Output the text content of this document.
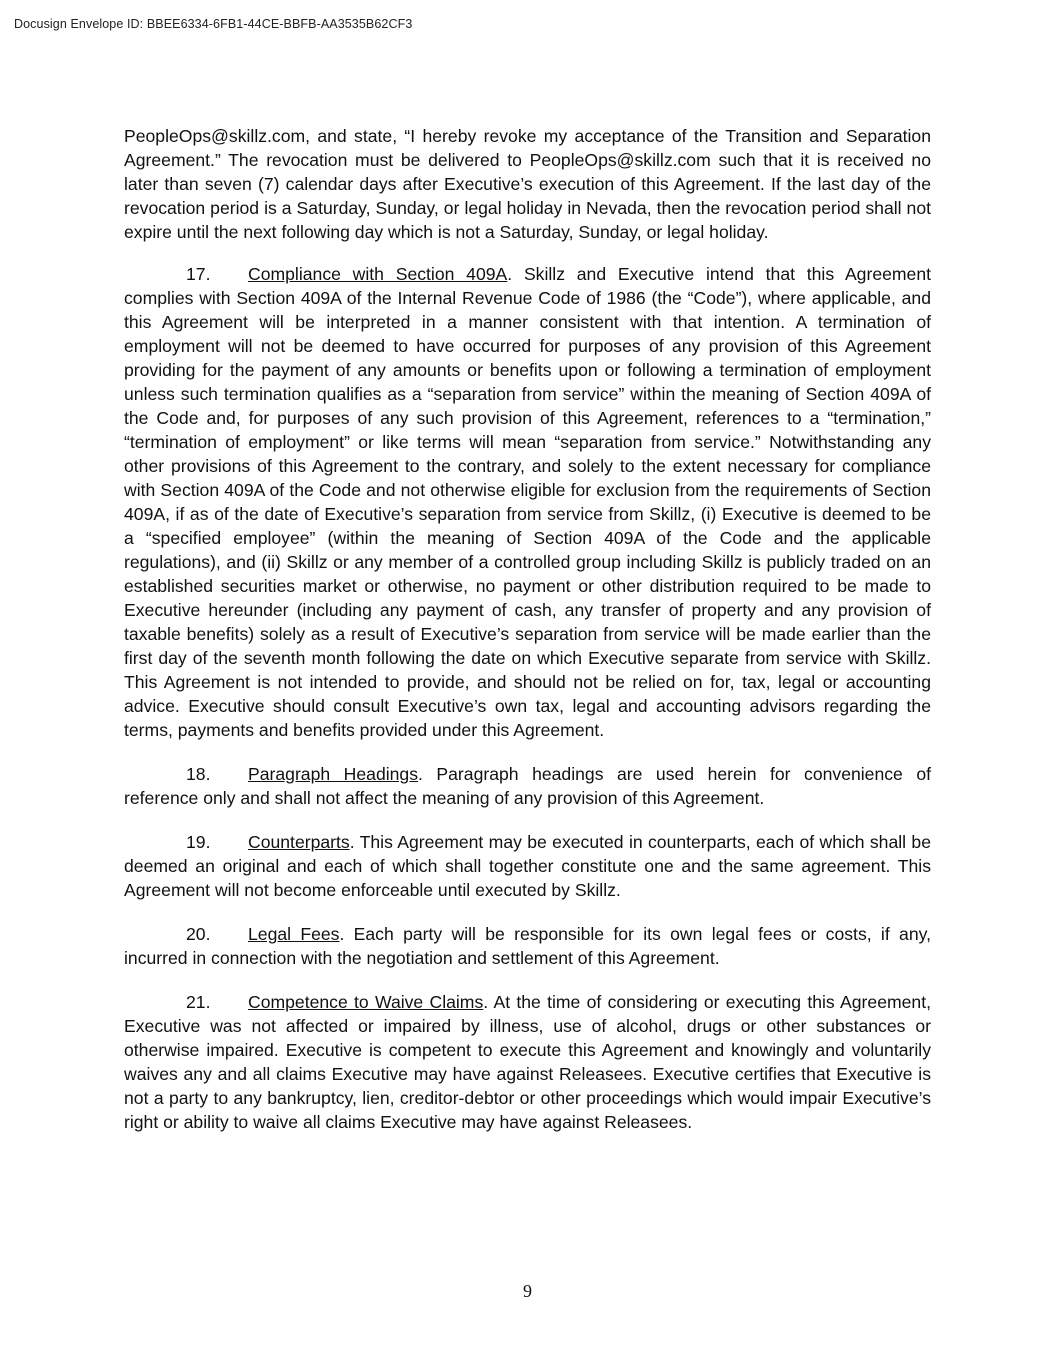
Docusign Envelope ID: BBEE6334-6FB1-44CE-BBFB-AA3535B62CF3

PeopleOps@skillz.com, and state, “I hereby revoke my acceptance of the Transition and Separation Agreement.” The revocation must be delivered to PeopleOps@skillz.com such that it is received no later than seven (7) calendar days after Executive’s execution of this Agreement. If the last day of the revocation period is a Saturday, Sunday, or legal holiday in Nevada, then the revocation period shall not expire until the next following day which is not a Saturday, Sunday, or legal holiday.

17. Compliance with Section 409A. Skillz and Executive intend that this Agreement complies with Section 409A of the Internal Revenue Code of 1986 (the “Code”), where applicable, and this Agreement will be interpreted in a manner consistent with that intention. A termination of employment will not be deemed to have occurred for purposes of any provision of this Agreement providing for the payment of any amounts or benefits upon or following a termination of employment unless such termination qualifies as a “separation from service” within the meaning of Section 409A of the Code and, for purposes of any such provision of this Agreement, references to a “termination,” “termination of employment” or like terms will mean “separation from service.” Notwithstanding any other provisions of this Agreement to the contrary, and solely to the extent necessary for compliance with Section 409A of the Code and not otherwise eligible for exclusion from the requirements of Section 409A, if as of the date of Executive’s separation from service from Skillz, (i) Executive is deemed to be a “specified employee” (within the meaning of Section 409A of the Code and the applicable regulations), and (ii) Skillz or any member of a controlled group including Skillz is publicly traded on an established securities market or otherwise, no payment or other distribution required to be made to Executive hereunder (including any payment of cash, any transfer of property and any provision of taxable benefits) solely as a result of Executive’s separation from service will be made earlier than the first day of the seventh month following the date on which Executive separate from service with Skillz. This Agreement is not intended to provide, and should not be relied on for, tax, legal or accounting advice. Executive should consult Executive’s own tax, legal and accounting advisors regarding the terms, payments and benefits provided under this Agreement.

18. Paragraph Headings. Paragraph headings are used herein for convenience of reference only and shall not affect the meaning of any provision of this Agreement.

19. Counterparts. This Agreement may be executed in counterparts, each of which shall be deemed an original and each of which shall together constitute one and the same agreement. This Agreement will not become enforceable until executed by Skillz.

20. Legal Fees. Each party will be responsible for its own legal fees or costs, if any, incurred in connection with the negotiation and settlement of this Agreement.

21. Competence to Waive Claims. At the time of considering or executing this Agreement, Executive was not affected or impaired by illness, use of alcohol, drugs or other substances or otherwise impaired. Executive is competent to execute this Agreement and knowingly and voluntarily waives any and all claims Executive may have against Releasees. Executive certifies that Executive is not a party to any bankruptcy, lien, creditor-debtor or other proceedings which would impair Executive’s right or ability to waive all claims Executive may have against Releasees.

9
